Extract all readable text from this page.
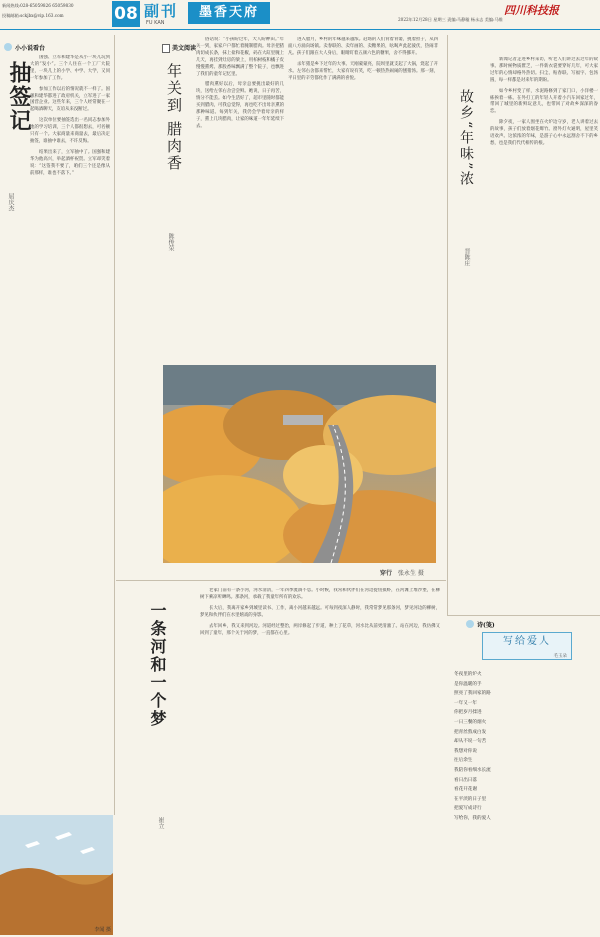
新闻热线:028-65059826 65059830
投稿邮箱:sckjbx@vip.163.com	08 副刊
FU KAN
墨香天府	四川科技报
2022年12月28日 星期三 责编:马静璇 杨永志 美编:马维
小小说看台
抽签记
屈庆杰

国强、立军和建华是从小一块儿玩到大的“发小”。三个人住在一个工厂大院里，一块儿上的小学、中学、大学，又同一年参加了工作。

参加工作以后的情况就不一样了。国强和建华都进了政府机关，立军进了一家国营企业。这些年来，三个人经常聚在一起喝酒聊天，友谊从来没断过。

这次单位要抽签选出一名同志参加外地的学习培训，三个人都很想去，可名额只有一个。大家商量来商量去，最后决定抽签，谁抽中谁去，不许反悔。

结果出来了，立军抽中了。国强和建华为他高兴，举起酒杯祝贺。立军却笑着说：“这签我不要了，咱们三个还是像从前那样，谁也不落下。”

美文阅读
年关到 腊肉香
陈传荣

俗话说：“小孩盼过年，大人盼种田。”年关一到，家家户户都忙着腌制腊肉。母亲把猪肉切成长条，抹上盐和花椒，码在大缸里腌上几天，再挂到灶房的梁上，用柏树枝和橘子皮慢慢熏烤。那股香味飘满了整个院子，也飘进了我们的童年记忆里。

腊肉熏好以后，母亲总要挑出最好的几块，送给左邻右舍尝尝鲜。她说，日子再苦，情分不能丢。如今生活好了，超市里随时都能买到腊肉，可我总觉得，再也吃不出母亲熏的那种味道。每到年关，我仍会学着母亲的样子，熏上几块腊肉，让家的味道一年年延续下去。

进入腊月，乡村的年味越来越浓。赶场的人们背着背篓，挑着担子，从四面八方涌向场镇。卖春联的、卖年画的、卖糖果的，吆喝声此起彼伏，热闹非凡。孩子们跟在大人身后，眼睛盯着五颜六色的糖果，舍不得挪开。

杀年猪是乡下过年的大事。天刚蒙蒙亮，院坝里就支起了大锅，烧起了开水。左邻右舍都来帮忙，大家有说有笑，吃一顿热热闹闹的刨猪汤。那一刻，平日里的辛劳都化作了满满的喜悦。

故乡“年味”浓
晋陈庄

新闻记者走进乡村采访，听老人们讲过去过年的故事。那时候物质匮乏，一件新衣裳要穿好几年，可大家过年的心情却格外热切。扫尘、贴春联、写福字、包汤圆，每一样都是对来年的期盼。

如今乡村变了样，水泥路修到了家门口，小洋楼一栋挨着一栋。在外打工的年轻人开着小汽车回家过年，带回了城里的新鲜玩意儿，也带回了对故乡深深的眷恋。

除夕夜，一家人围坐在火炉边守岁，老人讲着过去的故事，孩子们放着烟花爆竹。窗外灯火通明，屋里笑语欢声。这浓浓的年味，是游子心中永远割舍不下的乡愁，也是我们代代相传的根。

穿行 张永生 摄
一条河和一个梦
崔立

老家门前有一条小河，河水清清，一年四季流淌不息。小时候，我常和伙伴们在河边捉鱼摸虾，在河滩上堆沙堡，在柳树下乘凉听蝉鸣。那条河，承载了我童年所有的欢乐。

长大后，我离开家乡到城里读书、工作，离小河越来越远。可每到夜深人静时，我常常梦见那条河，梦见河边的柳树，梦见和伙伴们在水里嬉戏的身影。

去年回乡，我又来到河边。河道经过整治，两岸修起了步道，种上了花草，河水比从前更清澈了。站在河边，我仿佛又回到了童年，那个关于河的梦，一直都在心里。

李闻 摄
诗(笺)
写给爱人
毛玉朵
冬夜里的炉火
是你温暖的手
照亮了我回家的路
一年又一年
你把岁月揉进
一日三餐的烟火
把青丝熬成白发
却从不说一句苦
我想对你说
往后余生
我陪你看细水长流
看日出日落
看花开花谢
在平淡的日子里
把爱写成诗行
写给你，我的爱人
